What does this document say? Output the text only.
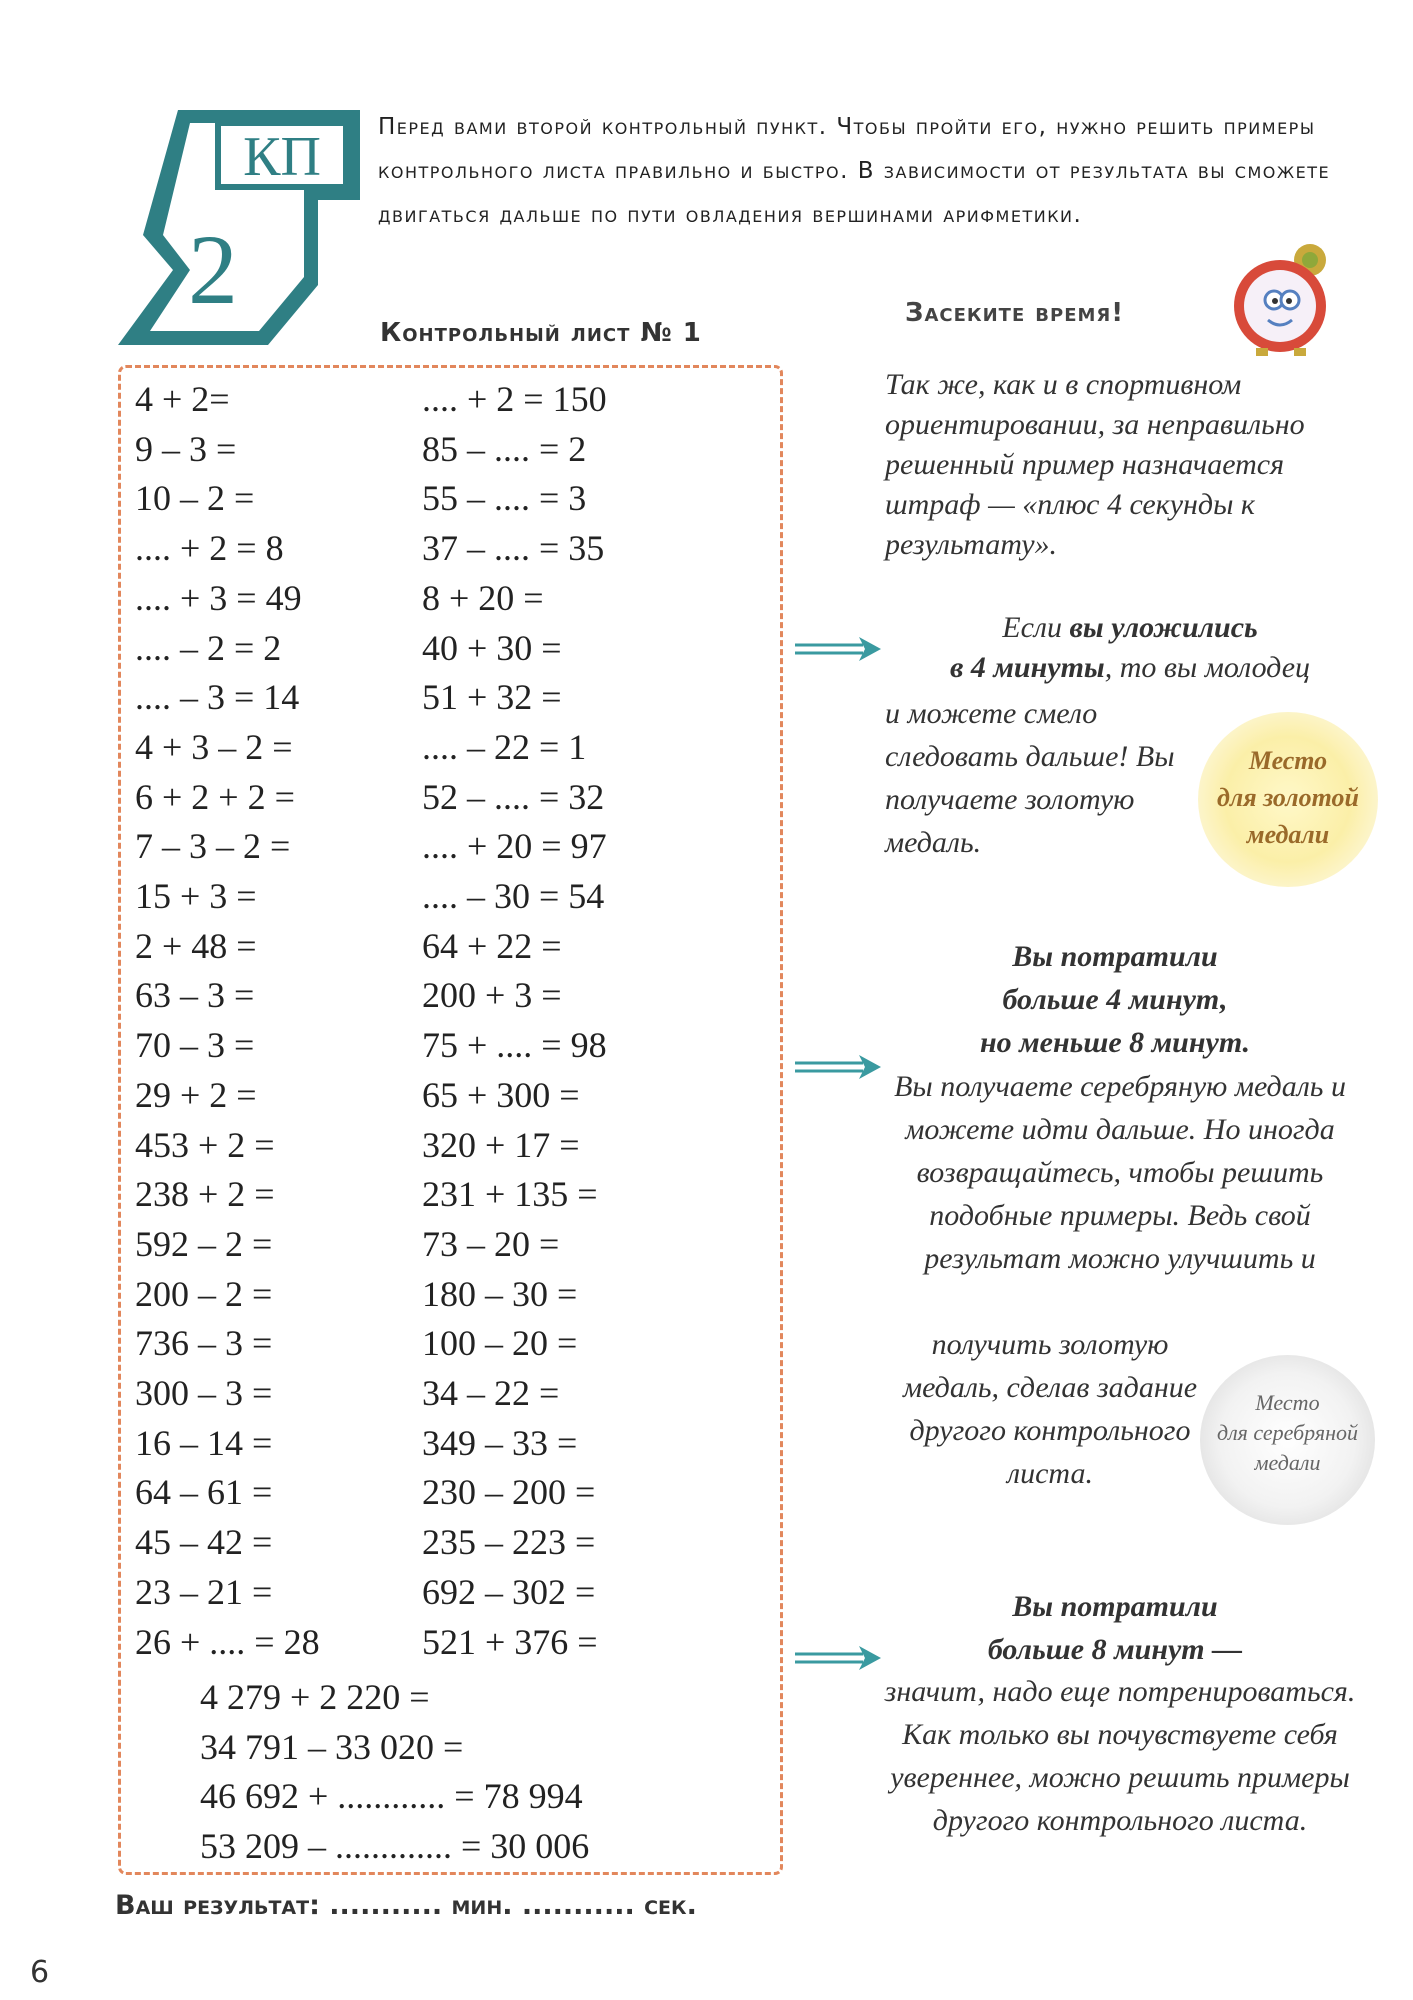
КП
2
Перед вами второй контрольный пункт. Чтобы пройти его, нужно решить примеры контрольного листа правильно и быстро. В зависимости от результата вы сможете двигаться дальше по пути овладения вершинами арифметики.
Контрольный лист № 1
Засеките время!
4 + 2=
9 – 3 =
10 – 2 =
.... + 2 = 8
.... + 3 = 49
.... – 2 = 2
.... – 3 = 14
4 + 3 – 2 =
6 + 2 + 2 =
7 – 3 – 2 =
15 + 3 =
2 + 48 =
63 – 3 =
70 – 3 =
29 + 2 =
453 + 2 =
238 + 2 =
592 – 2 =
200 – 2 =
736 – 3 =
300 – 3 =
16 – 14 =
64 – 61 =
45 – 42 =
23 – 21 =
26 + .... = 28
.... + 2 = 150
85 – .... = 2
55 – .... = 3
37 – .... = 35
8 + 20 =
40 + 30 =
51 + 32 =
.... – 22 = 1
52 – .... = 32
.... + 20 = 97
.... – 30 = 54
64 + 22 =
200 + 3 =
75 + .... = 98
65 + 300 =
320 + 17 =
231 + 135 =
73 – 20 =
180 – 30 =
100 – 20 =
34 – 22 =
349 – 33 =
230 – 200 =
235 – 223 =
692 – 302 =
521 + 376 =
4 279 + 2 220 =
34 791 – 33 020 =
46 692 + ............ = 78 994
53 209 – ............. = 30 006
Ваш результат: ........... мин. ........... сек.
6
Так же, как и в спортивном ориентировании, за неправильно решенный пример назначается штраф — «плюс 4 секунды к результату».
Если вы уложились
в 4 минуты, то вы молодец
и можете смело следовать дальше! Вы получаете золотую медаль.
Место
для золотой
медали
Вы потратили
больше 4 минут,
но меньше 8 минут.
Вы получаете серебряную медаль и можете идти дальше. Но иногда возвращайтесь, чтобы решить подобные примеры. Ведь свой результат можно улучшить и
получить золотую медаль, сделав задание другого контрольного листа.
Место
для серебряной
медали
Вы потратили
больше 8 минут —
значит, надо еще потренироваться. Как только вы почувствуете себя увереннее, можно решить примеры другого контрольного листа.
